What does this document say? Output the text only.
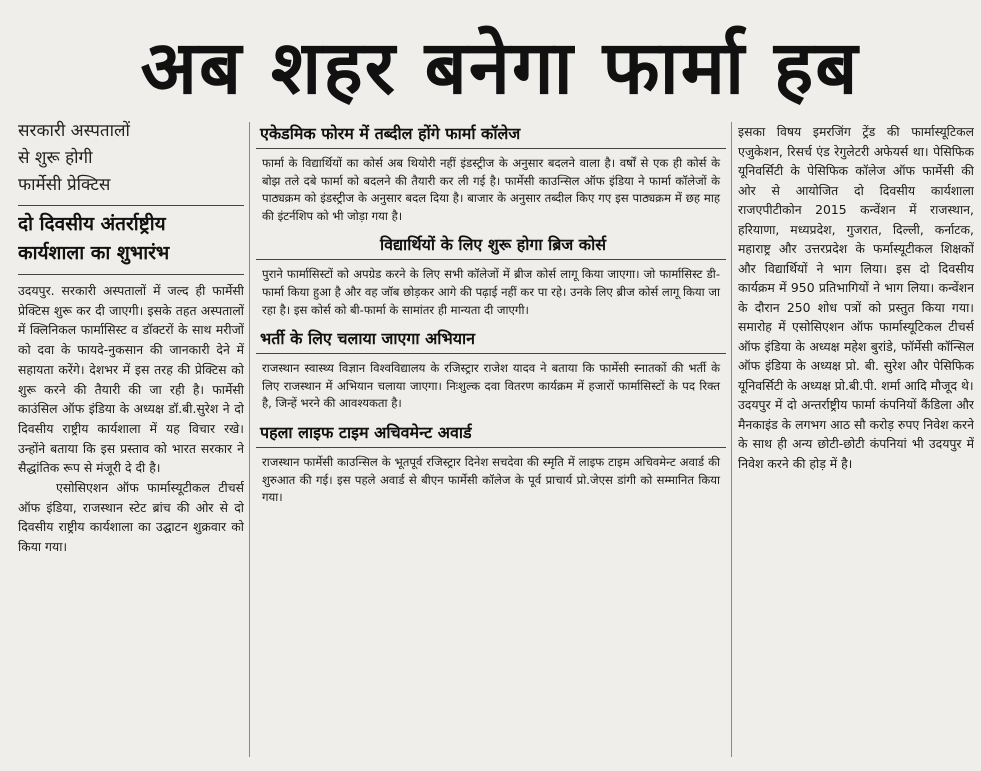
अब शहर बनेगा फार्मा हब
सरकारी अस्पतालों
से शुरू होगी
फार्मेसी प्रेक्टिस
दो दिवसीय अंतर्राष्ट्रीय
कार्यशाला का शुभारंभ

उदयपुर. सरकारी अस्पतालों में जल्द ही फार्मेसी प्रेक्टिस शुरू कर दी जाएगी। इसके तहत अस्पतालों में क्लिनिकल फार्मासिस्ट व डॉक्टरों के साथ मरीजों को दवा के फायदे-नुकसान की जानकारी देने में सहायता करेंगे। देशभर में इस तरह की प्रेक्टिस को शुरू करने की तैयारी की जा रही है। फार्मेसी काउंसिल ऑफ इंडिया के अध्यक्ष डॉ.बी.सुरेश ने दो दिवसीय राष्ट्रीय कार्यशाला में यह विचार रखे। उन्होंने बताया कि इस प्रस्ताव को भारत सरकार ने सैद्धांतिक रूप से मंजूरी दे दी है।

एसोसिएशन ऑफ फार्मास्यूटीकल टीचर्स ऑफ इंडिया, राजस्थान स्टेट ब्रांच की ओर से दो दिवसीय राष्ट्रीय कार्यशाला का उद्घाटन शुक्रवार को किया गया।

एकेडमिक फोरम में तब्दील होंगे फार्मा कॉलेज

फार्मा के विद्यार्थियों का कोर्स अब थियोरी नहीं इंडस्ट्रीज के अनुसार बदलने वाला है। वर्षों से एक ही कोर्स के बोझ तले दबे फार्मा को बदलने की तैयारी कर ली गई है। फार्मेसी काउन्सिल ऑफ इंडिया ने फार्मा कॉलेजों के पाठ्यक्रम को इंडस्ट्रीज के अनुसार बदल दिया है। बाजार के अनुसार तब्दील किए गए इस पाठ्यक्रम में छह माह की इंटर्नशिप को भी जोड़ा गया है।

विद्यार्थियों के लिए शुरू होगा ब्रिज कोर्स

पुराने फार्मासिस्टों को अपग्रेड करने के लिए सभी कॉलेजों में ब्रीज कोर्स लागू किया जाएगा। जो फार्मासिस्ट डी-फार्मा किया हुआ है और वह जॉब छोड़कर आगे की पढ़ाई नहीं कर पा रहे। उनके लिए ब्रीज कोर्स लागू किया जा रहा है। इस कोर्स को बी-फार्मा के सामांतर ही मान्यता दी जाएगी।

भर्ती के लिए चलाया जाएगा अभियान

राजस्थान स्वास्थ्य विज्ञान विश्वविद्यालय के रजिस्ट्रार राजेश यादव ने बताया कि फार्मेसी स्नातकों की भर्ती के लिए राजस्थान में अभियान चलाया जाएगा। निःशुल्क दवा वितरण कार्यक्रम में हजारों फार्मासिस्टों के पद रिक्त है, जिन्हें भरने की आवश्यकता है।

पहला लाइफ टाइम अचिवमेन्ट अवार्ड

राजस्थान फार्मेसी काउन्सिल के भूतपूर्व रजिस्ट्रार दिनेश सचदेवा की स्मृति में लाइफ टाइम अचिवमेन्ट अवार्ड की शुरुआत की गई। इस पहले अवार्ड से बीएन फार्मेसी कॉलेज के पूर्व प्राचार्य प्रो.जेएस डांगी को सम्मानित किया गया।

इसका विषय इमरजिंग ट्रेंड की फार्मास्यूटिकल एजुकेशन, रिसर्च एंड रेगुलेटरी अफेयर्स था। पेसिफिक यूनिवर्सिटी के पेसिफिक कॉलेज ऑफ फार्मेसी की ओर से आयोजित दो दिवसीय कार्यशाला राजएपीटीकोन 2015 कन्वेंशन में राजस्थान, हरियाणा, मध्यप्रदेश, गुजरात, दिल्ली, कर्नाटक, महाराष्ट्र और उत्तरप्रदेश के फर्मास्यूटीकल शिक्षकों और विद्यार्थियों ने भाग लिया। इस दो दिवसीय कार्यक्रम में 950 प्रतिभागियों ने भाग लिया। कन्वेंशन के दौरान 250 शोध पत्रों को प्रस्तुत किया गया। समारोह में एसोसिएशन ऑफ फार्मास्यूटिकल टीचर्स ऑफ इंडिया के अध्यक्ष महेश बुरांडे, फॉर्मेसी कॉन्सिल ऑफ इंडिया के अध्यक्ष प्रो. बी. सुरेश और पेसिफिक यूनिवर्सिटी के अध्यक्ष प्रो.बी.पी. शर्मा आदि मौजूद थे।

उदयपुर में दो अन्तर्राष्ट्रीय फार्मा कंपनियों कैंडिला और मैनकाइंड के लगभग आठ सौ करोड़ रुपए निवेश करने के साथ ही अन्य छोटी-छोटी कंपनियां भी उदयपुर में निवेश करने की होड़ में है।
